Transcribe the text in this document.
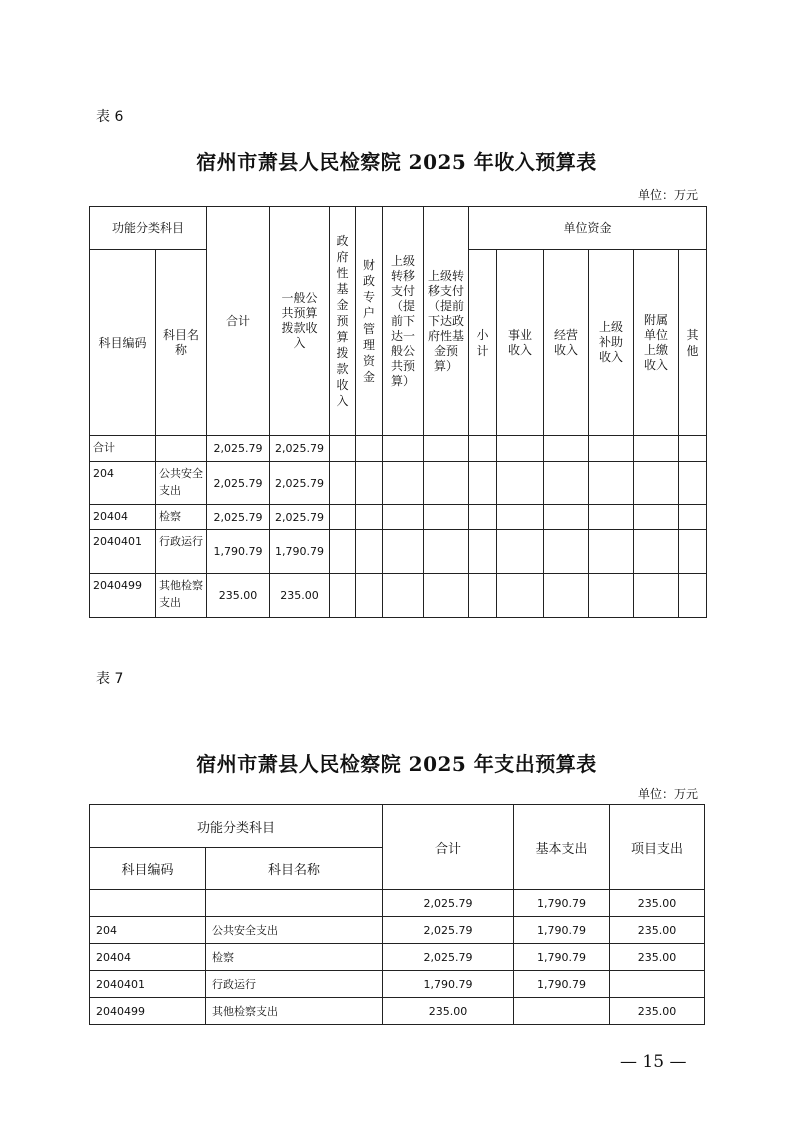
表 6
宿州市萧县人民检察院 2025 年收入预算表
单位：万元
功能分类科目		合计	一般公共预算拨款收入	政府性基金预算拨款收入	财政专户管理资金	上级转移支付（提前下达一般公共预算）	上级转移支付（提前下达政府性基金预算）	单位资金					
科目编码	科目名称							小计	事业收入	经营收入	上级补助收入	附属单位上缴收入	其他
合计		2,025.79	2,025.79										
204	公共安全支出	2,025.79	2,025.79										
20404	检察	2,025.79	2,025.79										
2040401	行政运行	1,790.79	1,790.79										
2040499	其他检察支出	235.00	235.00										
表 7
宿州市萧县人民检察院 2025 年支出预算表
单位：万元
功能分类科目		合计	基本支出	项目支出
科目编码	科目名称			
		2,025.79	1,790.79	235.00
204	公共安全支出	2,025.79	1,790.79	235.00
20404	检察	2,025.79	1,790.79	235.00
2040401	行政运行	1,790.79	1,790.79	
2040499	其他检察支出	235.00		235.00
— 15 —
